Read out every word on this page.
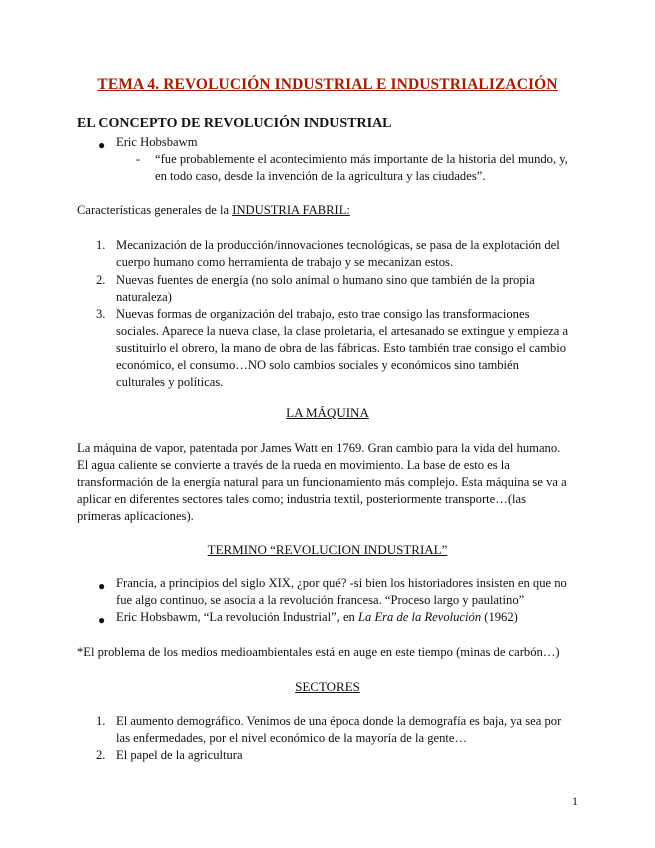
TEMA 4. REVOLUCIÓN INDUSTRIAL E INDUSTRIALIZACIÓN
EL CONCEPTO DE REVOLUCIÓN INDUSTRIAL
● Eric Hobsbawm
- “fue probablemente el acontecimiento más importante de la historia del mundo, y,
en todo caso, desde la invención de la agricultura y las ciudades”.
Características generales de la INDUSTRIA FABRIL:
1. Mecanización de la producción/innovaciones tecnológicas, se pasa de la explotación del
cuerpo humano como herramienta de trabajo y se mecanizan estos.
2. Nuevas fuentes de energía (no solo animal o humano sino que también de la propia
naturaleza)
3. Nuevas formas de organización del trabajo, esto trae consigo las transformaciones
sociales. Aparece la nueva clase, la clase proletaria, el artesanado se extingue y empieza a
sustituirlo el obrero, la mano de obra de las fábricas. Esto también trae consigo el cambio
económico, el consumo…NO solo cambios sociales y económicos sino también
culturales y políticas.
LA MÁQUINA
La máquina de vapor, patentada por James Watt en 1769. Gran cambio para la vida del humano.
El agua caliente se convierte a través de la rueda en movimiento. La base de esto es la
transformación de la energía natural para un funcionamiento más complejo. Esta máquina se va a
aplicar en diferentes sectores tales como; industria textil, posteriormente transporte…(las
primeras aplicaciones).
TERMINO “REVOLUCION INDUSTRIAL”
● Francia, a principios del siglo XIX, ¿por qué? -si bien los historiadores insisten en que no
fue algo continuo, se asocia a la revolución francesa. “Proceso largo y paulatino”
● Eric Hobsbawm, “La revolución Industrial”, en La Era de la Revolución (1962)
*El problema de los medios medioambientales está en auge en este tiempo (minas de carbón…)
SECTORES
1. El aumento demográfico. Venimos de una época donde la demografía es baja, ya sea por
las enfermedades, por el nivel económico de la mayoría de la gente…
2. El papel de la agricultura
1
